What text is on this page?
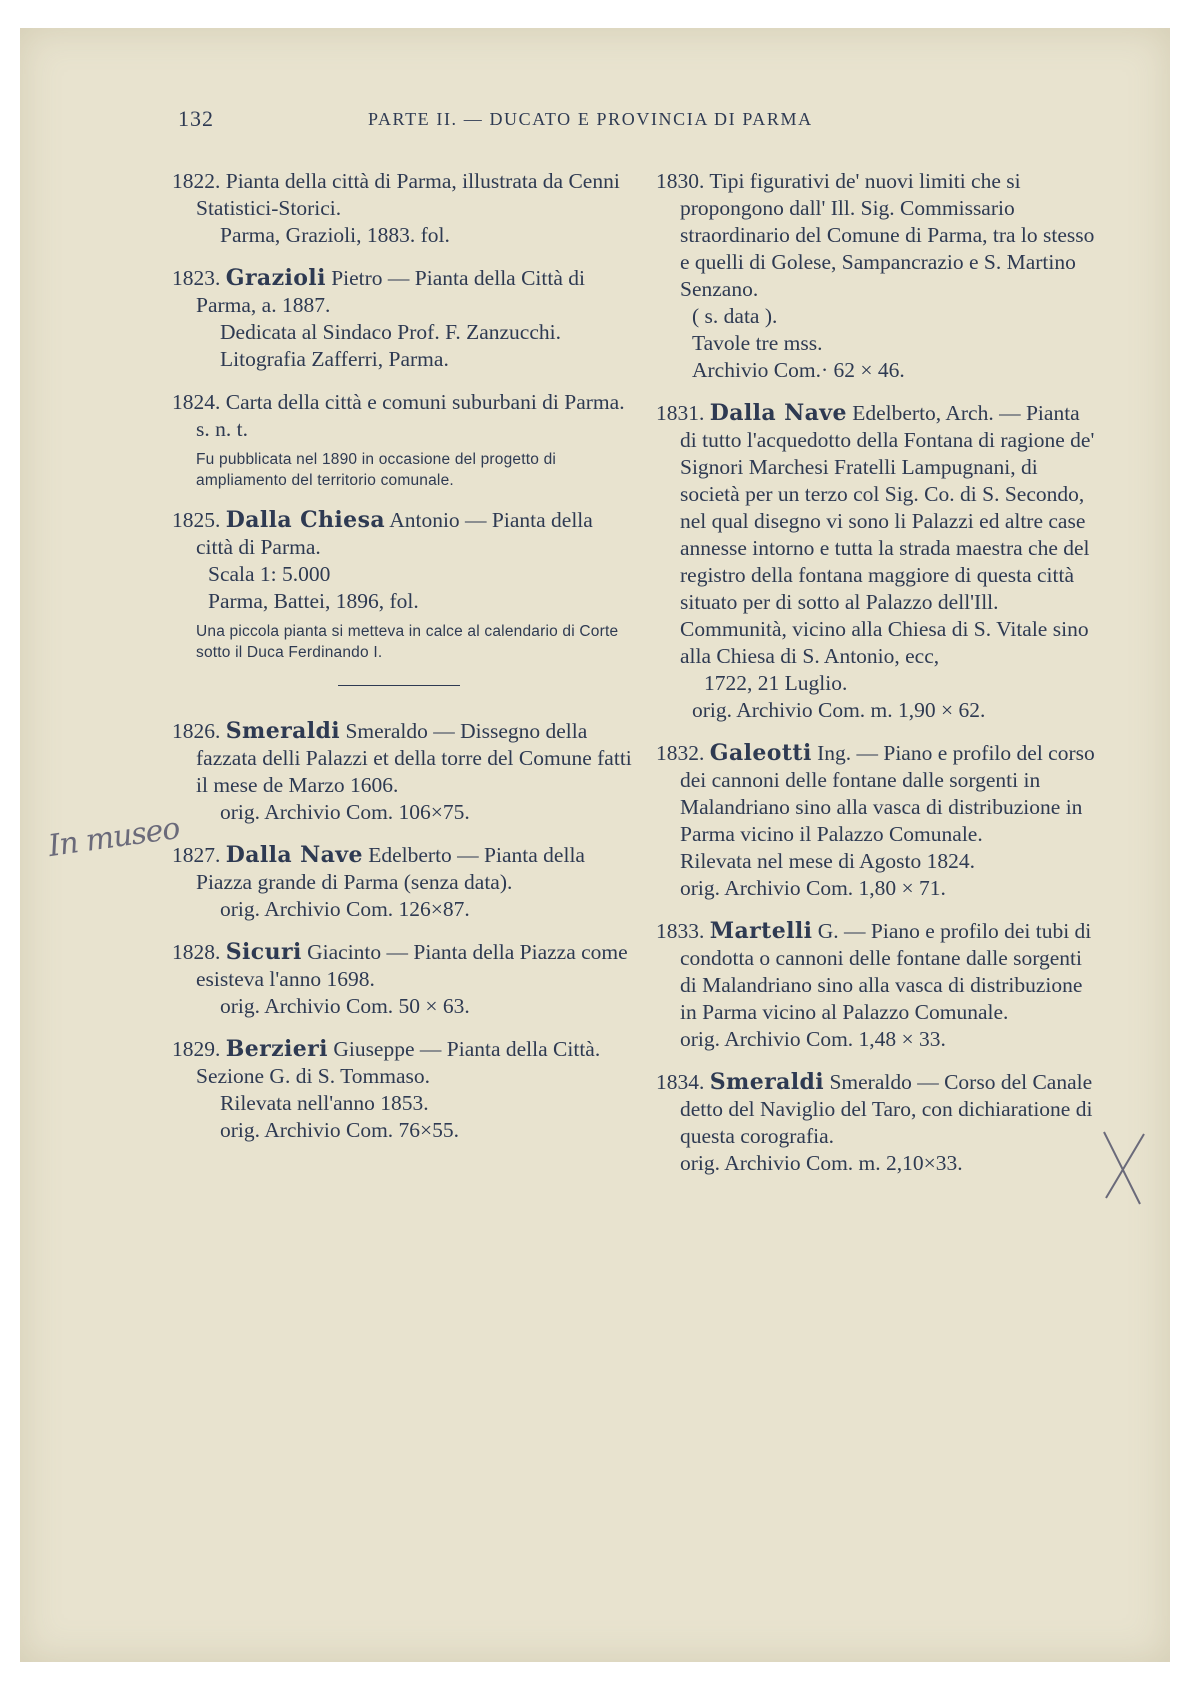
132	PARTE II. — DUCATO E PROVINCIA DI PARMA
In museo

1822. Pianta della città di Parma, illustrata da Cenni Statistici-Storici.

Parma, Grazioli, 1883. fol.

1823. Grazioli Pietro — Pianta della Città di Parma, a. 1887.

Dedicata al Sindaco Prof. F. Zanzucchi.

Litografia Zafferri, Parma.

1824. Carta della città e comuni suburbani di Parma.

s. n. t.

Fu pubblicata nel 1890 in occasione del progetto di ampliamento del territorio comunale.

1825. Dalla Chiesa Antonio — Pianta della città di Parma.

Scala 1: 5.000

Parma, Battei, 1896, fol.

Una piccola pianta si metteva in calce al calendario di Corte sotto il Duca Ferdinando I.

1826. Smeraldi Smeraldo — Dissegno della fazzata delli Palazzi et della torre del Comune fatti il mese de Marzo 1606.

orig. Archivio Com. 106×75.

1827. Dalla Nave Edelberto — Pianta della Piazza grande di Parma (senza data).

orig. Archivio Com. 126×87.

1828. Sicuri Giacinto — Pianta della Piazza come esisteva l'anno 1698.

orig. Archivio Com. 50 × 63.

1829. Berzieri Giuseppe — Pianta della Città. Sezione G. di S. Tommaso.

Rilevata nell'anno 1853.

orig. Archivio Com. 76×55.

1830. Tipi figurativi de' nuovi limiti che si propongono dall' Ill. Sig. Commissario straordinario del Comune di Parma, tra lo stesso e quelli di Golese, Sampancrazio e S. Martino Senzano.

( s. data ).

Tavole tre mss.

Archivio Com.· 62 × 46.

1831. Dalla Nave Edelberto, Arch. — Pianta di tutto l'acquedotto della Fontana di ragione de' Signori Marchesi Fratelli Lampugnani, di società per un terzo col Sig. Co. di S. Secondo, nel qual disegno vi sono li Palazzi ed altre case annesse intorno e tutta la strada maestra che del registro della fontana maggiore di questa città situato per di sotto al Palazzo dell'Ill. Communità, vicino alla Chiesa di S. Vitale sino alla Chiesa di S. Antonio, ecc,

1722, 21 Luglio.

orig. Archivio Com. m. 1,90 × 62.

1832. Galeotti Ing. — Piano e profilo del corso dei cannoni delle fontane dalle sorgenti in Malandriano sino alla vasca di distribuzione in Parma vicino il Palazzo Comunale.

Rilevata nel mese di Agosto 1824.

orig. Archivio Com. 1,80 × 71.

1833. Martelli G. — Piano e profilo dei tubi di condotta o cannoni delle fontane dalle sorgenti di Malandriano sino alla vasca di distribuzione in Parma vicino al Palazzo Comunale.

orig. Archivio Com. 1,48 × 33.

1834. Smeraldi Smeraldo — Corso del Canale detto del Naviglio del Taro, con dichiaratione di questa corografia.

orig. Archivio Com. m. 2,10×33.
